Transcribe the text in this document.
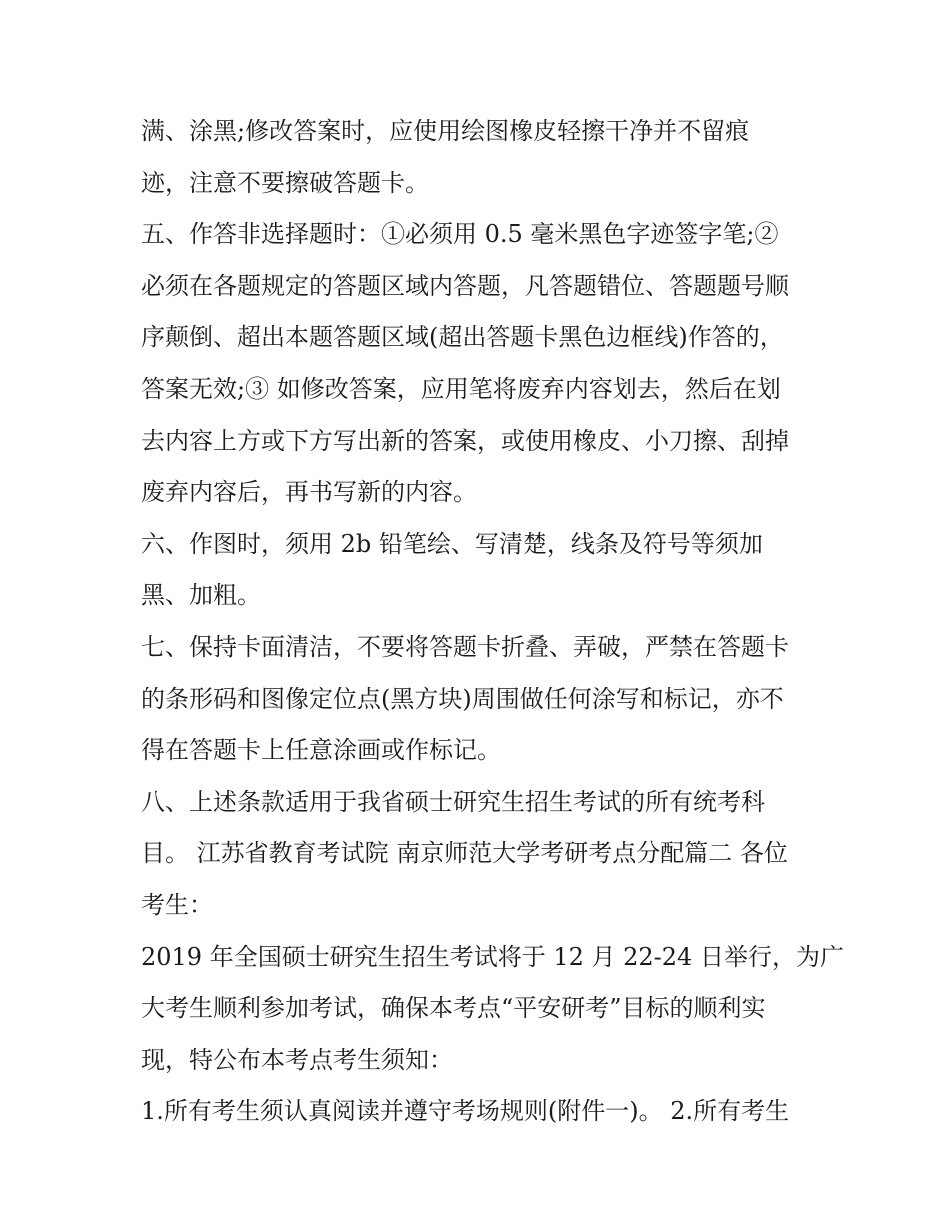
满、涂黑;修改答案时，应使用绘图橡皮轻擦干净并不留痕
迹，注意不要擦破答题卡。
五、作答非选择题时：①必须用 0.5 毫米黑色字迹签字笔;②
必须在各题规定的答题区域内答题，凡答题错位、答题题号顺
序颠倒、超出本题答题区域(超出答题卡黑色边框线)作答的，
答案无效;③ 如修改答案，应用笔将废弃内容划去，然后在划
去内容上方或下方写出新的答案，或使用橡皮、小刀擦、刮掉
废弃内容后，再书写新的内容。
六、作图时，须用 2b 铅笔绘、写清楚，线条及符号等须加
黑、加粗。
七、保持卡面清洁，不要将答题卡折叠、弄破，严禁在答题卡
的条形码和图像定位点(黑方块)周围做任何涂写和标记，亦不
得在答题卡上任意涂画或作标记。
八、上述条款适用于我省硕士研究生招生考试的所有统考科
目。 江苏省教育考试院 南京师范大学考研考点分配篇二 各位
考生：
2019 年全国硕士研究生招生考试将于 12 月 22-24 日举行，为广
大考生顺利参加考试，确保本考点“平安研考”目标的顺利实
现，特公布本考点考生须知：
1.所有考生须认真阅读并遵守考场规则(附件一)。 2.所有考生
